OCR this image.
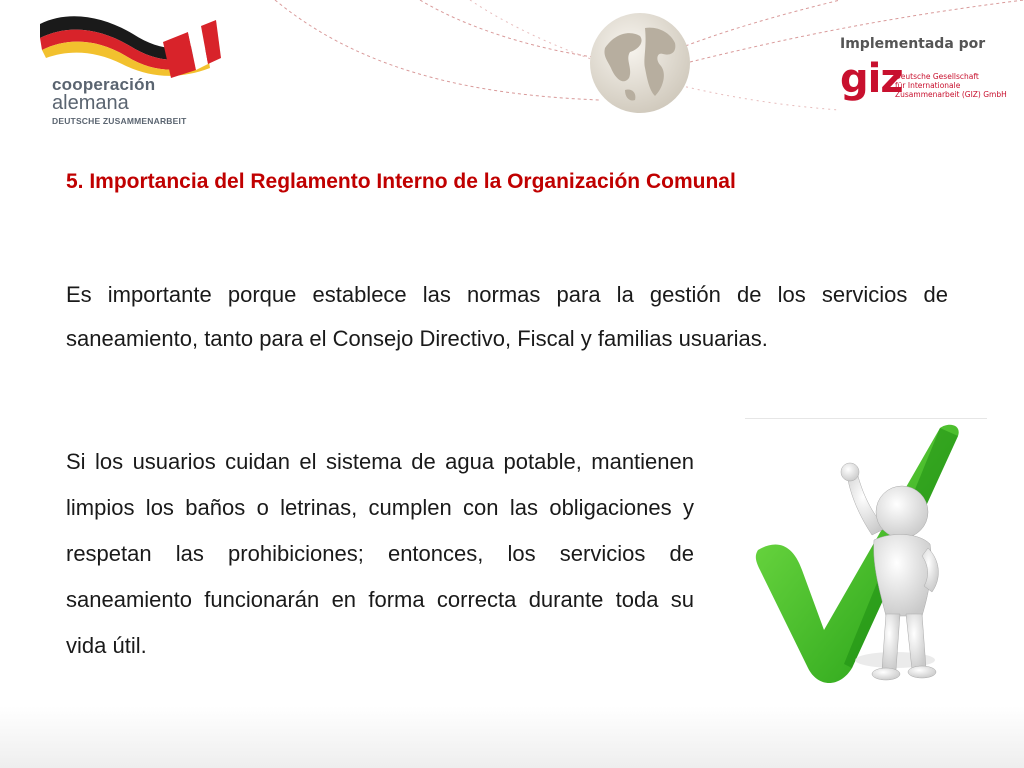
cooperación

alemana

DEUTSCHE ZUSAMMENARBEIT

Implementada por

giz

Deutsche Gesellschaft
für Internationale
Zusammenarbeit (GIZ) GmbH
5. Importancia del Reglamento Interno de la Organización Comunal

Es importante porque establece las normas para la gestión de los servicios de saneamiento, tanto para el Consejo Directivo, Fiscal y familias usuarias.

Si los usuarios cuidan el sistema de agua potable, mantienen limpios los baños o letrinas, cumplen con las obligaciones y respetan las prohibiciones; entonces, los servicios de saneamiento funcionarán en forma correcta durante toda su vida útil.
